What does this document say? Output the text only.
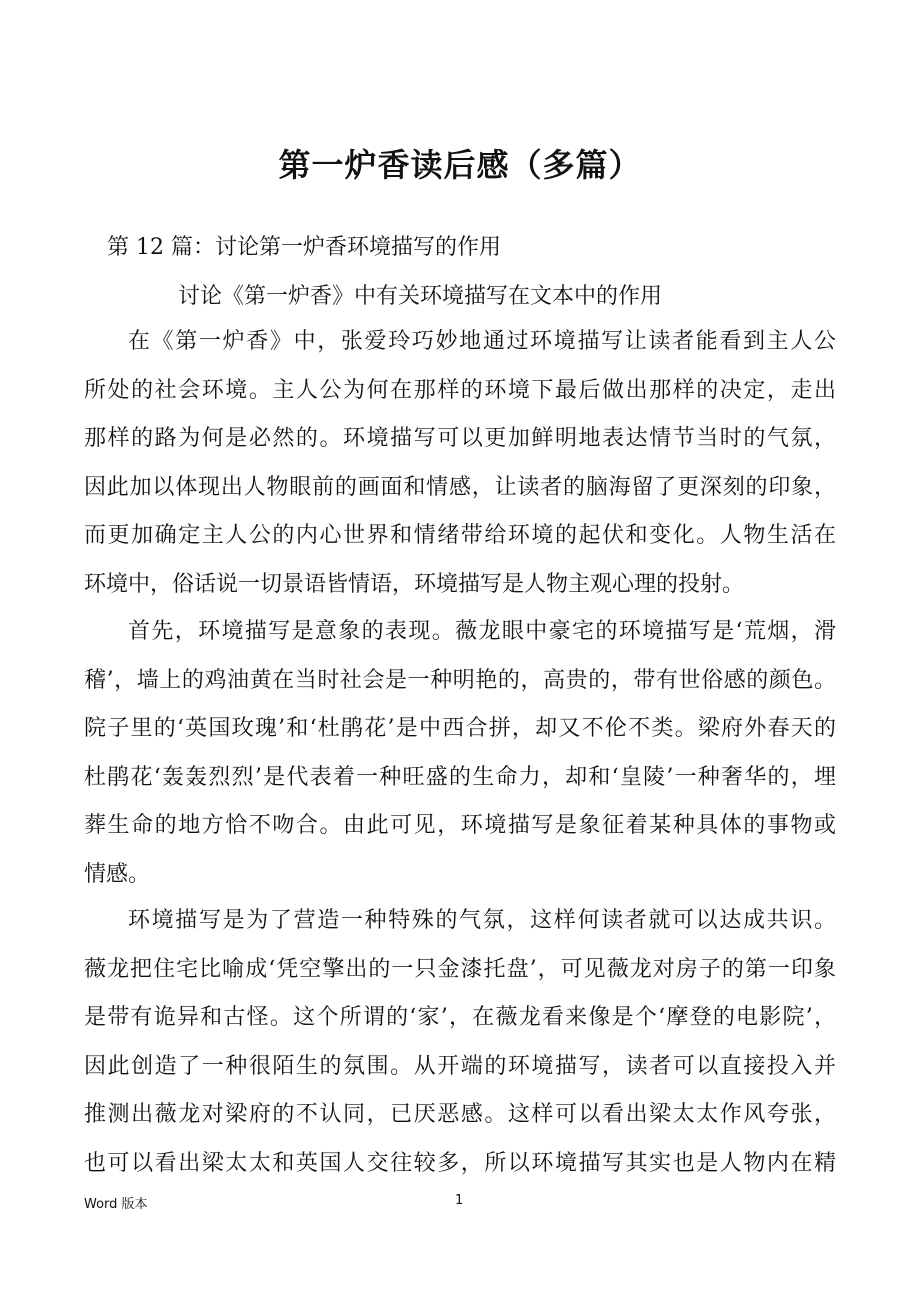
第一炉香读后感（多篇）

第 12 篇：讨论第一炉香环境描写的作用

讨论《第一炉香》中有关环境描写在文本中的作用

在《第一炉香》中，张爱玲巧妙地通过环境描写让读者能看到主人公
所处的社会环境。主人公为何在那样的环境下最后做出那样的决定，走出
那样的路为何是必然的。环境描写可以更加鲜明地表达情节当时的气氛，
因此加以体现出人物眼前的画面和情感，让读者的脑海留了更深刻的印象，
而更加确定主人公的内心世界和情绪带给环境的起伏和变化。人物生活在
环境中，俗话说一切景语皆情语，环境描写是人物主观心理的投射。
首先，环境描写是意象的表现。薇龙眼中豪宅的环境描写是‘荒烟，滑
稽’，墙上的鸡油黄在当时社会是一种明艳的，高贵的，带有世俗感的颜色。
院子里的‘英国玫瑰’和‘杜鹃花’是中西合拼，却又不伦不类。梁府外春天的
杜鹃花‘轰轰烈烈’是代表着一种旺盛的生命力，却和‘皇陵’一种奢华的，埋
葬生命的地方恰不吻合。由此可见，环境描写是象征着某种具体的事物或
情感。
环境描写是为了营造一种特殊的气氛，这样何读者就可以达成共识。
薇龙把住宅比喻成‘凭空擎出的一只金漆托盘’，可见薇龙对房子的第一印象
是带有诡异和古怪。这个所谓的‘家’，在薇龙看来像是个‘摩登的电影院’，
因此创造了一种很陌生的氛围。从开端的环境描写，读者可以直接投入并
推测出薇龙对梁府的不认同，已厌恶感。这样可以看出梁太太作风夸张，
也可以看出梁太太和英国人交往较多，所以环境描写其实也是人物内在精

Word 版本	1
